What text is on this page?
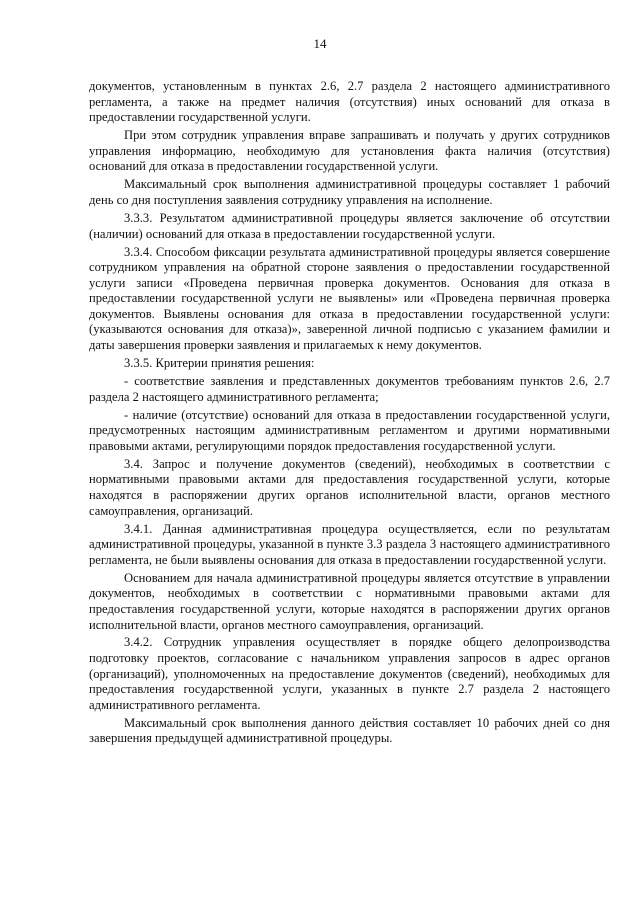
14

документов, установленным в пунктах 2.6, 2.7 раздела 2 настоящего административного регламента, а также на предмет наличия (отсутствия) иных оснований для отказа в предоставлении государственной услуги.

При этом сотрудник управления вправе запрашивать и получать у других сотрудников управления информацию, необходимую для установления факта наличия (отсутствия) оснований для отказа в предоставлении государственной услуги.

Максимальный срок выполнения административной процедуры составляет 1 рабочий день со дня поступления заявления сотруднику управления на исполнение.

3.3.3. Результатом административной процедуры является заключение об отсутствии (наличии) оснований для отказа в предоставлении государственной услуги.

3.3.4. Способом фиксации результата административной процедуры является совершение сотрудником управления на обратной стороне заявления о предоставлении государственной услуги записи «Проведена первичная проверка документов. Основания для отказа в предоставлении государственной услуги не выявлены» или «Проведена первичная проверка документов. Выявлены основания для отказа в предоставлении государственной услуги: (указываются основания для отказа)», заверенной личной подписью с указанием фамилии и даты завершения проверки заявления и прилагаемых к нему документов.

3.3.5. Критерии принятия решения:

- соответствие заявления и представленных документов требованиям пунктов 2.6, 2.7 раздела 2 настоящего административного регламента;

- наличие (отсутствие) оснований для отказа в предоставлении государственной услуги, предусмотренных настоящим административным регламентом и другими нормативными правовыми актами, регулирующими порядок предоставления государственной услуги.

3.4. Запрос и получение документов (сведений), необходимых в соответствии с нормативными правовыми актами для предоставления государственной услуги, которые находятся в распоряжении других органов исполнительной власти, органов местного самоуправления, организаций.

3.4.1. Данная административная процедура осуществляется, если по результатам административной процедуры, указанной в пункте 3.3 раздела 3 настоящего административного регламента, не были выявлены основания для отказа в предоставлении государственной услуги.

Основанием для начала административной процедуры является отсутствие в управлении документов, необходимых в соответствии с нормативными правовыми актами для предоставления государственной услуги, которые находятся в распоряжении других органов исполнительной власти, органов местного самоуправления, организаций.

3.4.2. Сотрудник управления осуществляет в порядке общего делопроизводства подготовку проектов, согласование с начальником управления запросов в адрес органов (организаций), уполномоченных на предоставление документов (сведений), необходимых для предоставления государственной услуги, указанных в пункте 2.7 раздела 2 настоящего административного регламента.

Максимальный срок выполнения данного действия составляет 10 рабочих дней со дня завершения предыдущей административной процедуры.
